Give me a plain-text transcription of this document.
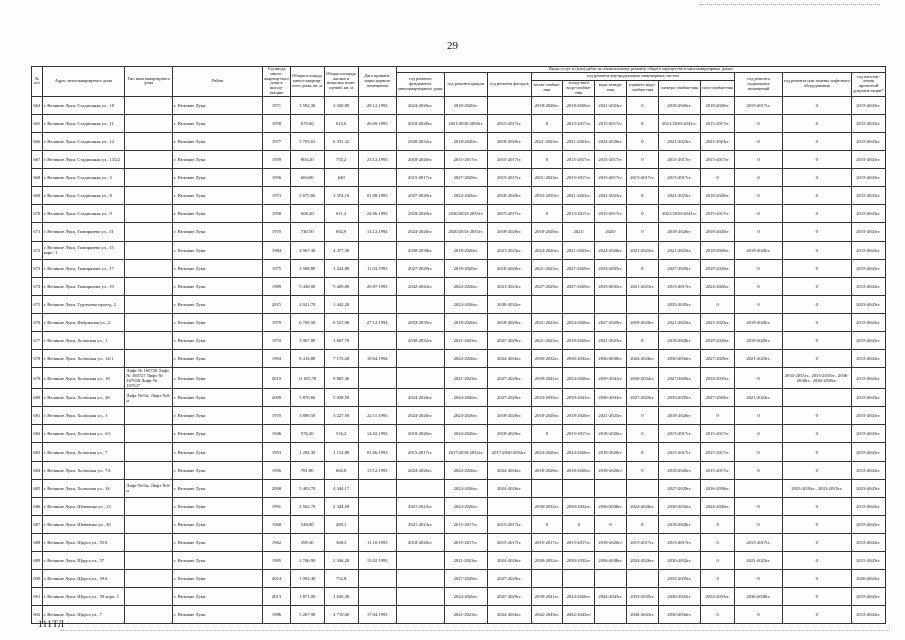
29
№ п/п	Адрес многоквартирного дома	Тип многоквартирного дома	Район	Год ввода много-квартир-ного дома в эксплу-атацию	Общая площадь много-квартир-ного дома, кв. м	Общая площадь жилых и нежилых поме-щений, кв. м	Дата привати-зации первого помещения	Виды услуг и (или) работ по капитальному ремонту общего имущества в многоквартирных домах											
								год ремонта фундамента многоквартирного дома	год ремонта крыши	год ремонта фасадов	год ремонта внутридомовых инженерных систем						год ремонта подвальных помещений	год ремонта или замены лифтового оборудования	год изготов-ления проектной докумен-тации*
											тепло-снабже-ния	холод-ного водо-снабже-ния	водо-отведе-ния	горячего водо-снабже-ния	электро-снабже-ния	газо-снабже-ния			
664	г. Великие Луки, Стадионная ул., 10		г. Великие Луки	1971	3 592,30	3 320,80	28.12.1993	2024-2026гг.	2018-2020гг.		2018-2020гг.	2018-2020гг.	2021-2023гг.	0	2018-2020гг.	2018-2020гг.	2015-2017гг.	0	2015-2043гг.
665	г. Великие Луки, Стадионная ул., 11		г. Великие Луки	1958	670,60	615,6	26.09.1993	2018-2020гг.	2021/2030-2038гг.	2015-2017гг.	0	2015-2017гг.	2015-2017гг.	0	2021/2039-2041гг.	2015-2017гг.	0	0	2015-2043гг.
666	г. Великие Луки, Стадионная ул., 12		г. Великие Луки	1977	5 793,61	6 331,32		2030-2032гг.	2018-2020гг.	2018-2020гг.	2021-2023гг.	2021-2023гг.	2024-2026гг.	0	2021-2023гг.	2021-2023гг.	0	0	2015-2043гг.
667	г. Великие Луки, Стадионная ул., 13/22		г. Великие Луки	1959	804,20	735,2	23.12.1993	2018-2020гг.	2015-2017гг.	2015-2017гг.	0	2015-2017гг.	2015-2017гг.	0	2015-2017гг.	2015-2017гг.	0	0	2015-2043гг.
668	г. Великие Луки, Стадионная ул., 3		г. Великие Луки	1956	684,00	640		2015-2017гг.	2027-2029гг.	2015-2017гг.	2021-2023гг.	2015-2017гг.	2015-2017гг.	2015-2017гг.	2015-2017гг.	0	0	0	2015-2043гг.
669	г. Великие Луки, Стадионная ул., 8		г. Великие Луки	1973	3 675,60	3 374,10	01.08.1993	2027-2029гг.	2024-2026гг.	2018-2020гг.	2033-2035гг.	2021-2023гг.	2021-2023гг.	0	2021-2023гг.	2018-2020гг.	0	0	2015-2043гг.
670	г. Великие Луки, Стадионная ул., 9		г. Великие Луки	1958	668,20	611,2	24.06.1993	2018-2020гг.	2030/2033-2035гг.	2015-2017гг.	0	2015-2017гг.	2015-2017гг.	0	2021/2039-2041гг.	2015-2017гг.	0	0	2015-2043гг.
671	г. Великие Луки, Тимирязева ул., 31		г. Великие Луки	1970	740,50	682,9	14.12.1994	2024-2026гг.	2020/2033-2035гг.	2018-2020гг.	2018-2020гг.	2021/	2020/	0	2018-2020гг.	2018-2020гг.	0	0	2015-2043гг.
672	г. Великие Луки, Тимирязева ул., 15 корп. 1		г. Великие Луки	1984	4 967,30	4 477,30		2030-2038гг.	2018-2020гг.	2021-2023гг.	2024-2026гг.	2021-2023гг.	2024-2026гг.	2021-2023гг.	2021-2023гг.	2018-2020гг.	2018-2020гг.	0	2015-2043гг.
673	г. Великие Луки, Тимирязева ул., 17		г. Великие Луки	1975	3 508,80	3 224,80	11.03.1993	2027-2029гг.	2018-2020гг.	2018-2020гг.	2021-2023гг.	2027-2029гг.	2033-2035гг.	0	2027-2029гг.	2018-2020гг.	0	0	2015-2043гг.
674	г. Великие Луки, Тимирязева ул., 19		г. Великие Луки	1989	5 430,00	5 429,80	20.07.1993	2042-2043гг.	2024-2026гг.	2021-2023гг.	2027-2029гг.	2027-2029гг.	2033-2035гг.	2021-2023гг.	2015-2017гг.	2024-2026гг.	0	0	2015-2043гг.
675	г. Великие Луки, Тургенева проезд, 2		г. Великие Луки	2015	2 021,70	1 442,20			2024-2026гг.	2030-2032гг.					2033-2035гг.	0	0	0	2023-2043гг.
676	г. Великие Луки, Фабричная ул., 2		г. Великие Луки	1979	6 769,50	6 521,90	27.12.1994	2033-2035гг.	2018-2020гг.	2018-2020гг.	2021-2023гг.	2024-2026гг.	2027-2029гг.	2018-2020гг.	2021-2023гг.	2021-2023гг.	2018-2020гг.	0	2015-2043гг.
677	г. Великие Луки, Холмская ул., 1		г. Великие Луки	1970	3 967,80	3 667,70		2030-2032гг.	2021-2023гг.	2027-2029гг.	2021-2023гг.	2018-2020гг.	2021-2023гг.	0	2018-2020гг.	2018-2020гг.	2018-2020гг.	0	2015-2043гг.
678	г. Великие Луки, Холмская ул., 14/1		г. Великие Луки	1994	8 414,80	7 175,20	10.04.1994		2024-2026гг.	2024-2026гг.	2030-2032гг.	2030-2032гг.	2036-2038гг.	2024-2026гг.	2030-2032гг.	2027-2029гг.	2021-2023гг.	0	2015-2043гг.
679	г. Великие Луки, Холмская ул., 18	Лифт № 160726 Лифт № 160727 Лифт № 167638 Лифт № 167637	г. Великие Луки	2010	11 025,78	9 805,40			2021-2023гг.	2027-2029гг.	2039-2041гг.	2024-2026гг.	2039-2041гг.	2030-2032гг.	2027-2029гг.	2033-2035гг.	0	2033-2035гг., 2033-2035гг., 2036-2038гг., 2036-2038гг.	2015-2043гг.
680	г. Великие Луки, Холмская ул., 20	Лифт №б/н, Лифт №б/н	г. Великие Луки	2009	5 870,60	5 038,50		2024-2026гг.	2024-2026гг.	2027-2029гг.	2033-2035гг.	2039-2041гг.	2039-2041гг.	2027-2029гг.	2033-2035гг.	2027-2029гг.	2021-2023гг.		2015-2043гг.
681	г. Великие Луки, Холмская ул., 3		г. Великие Луки	1970	3 889,50	3 227,50	22.11.1993	2024-2026гг.	2024-2026гг.	2018-2020гг.	2018-2020гг.	2018-2020гг.	2021-2023гг.	0	2018-2020гг.	0	0	0	2015-2043гг.
682	г. Великие Луки, Холмская ул., 6/1		г. Великие Луки	1946	576,20	516,2	14.02.1993	2018-2020гг.	2024-2026гг.	2018-2020гг.	0	2015-2017гг.	2018-2020гг.	0	2015-2017гг.	2015-2017гг.	0	0	2015-2043гг.
683	г. Великие Луки, Холмская ул., 7		г. Великие Луки	1953	1 284,30	1 154,80	01.06.1993	2015-2017гг.	2017/2030-2032гг.	2017/2030-2032гг.	2024-2026гг.	2024-2026гг.	2018-2020гг.	0	2015-2017гг.	2015-2017гг.	0	0	2015-2043гг.
684	г. Великие Луки, Холмская ул., 7А		г. Великие Луки	1956	781,80	682,8	13.12.1993	2024-2026гг.	2024-2026гг.	2024-2026гг.	2018-2020гг.	2018-2020гг.	2018-2020гг.	0	2018-2020гг.	2015-2017гг.	0	0	2015-2043гг.
685	г. Великие Луки, Холмская ул., 34	Лифт №б/н, Лифт №б/н	г. Великие Луки	2008	5 403,70	4 344,17			2024-2026гг.	2024-2026гг.					2027-2029гг.	2016-2038гг.		2033-2035гг., 2033-2035гг.	2023-2043гг.
686	г. Великие Луки, Шевченко ул., 13		г. Великие Луки	1991	2 562,70	2 324,50		2021-2023гг.	2024-2026гг.		2030-2032гг.	2030-2032гг.	2036-2038гг.	2024-2026гг.	2030-2032гг.	2024-2026гг.	0	0	2015-2043гг.
687	г. Великие Луки, Шевченко ул., 30		г. Великие Луки	1968	548,00	499,1		2021-2023гг.	2015-2017гг.	2015-2017гг.	0	0	0	0	2018-2020гг.	0	0	0	2015-2043гг.
688	г. Великие Луки, Щорса ул., 55А		г. Великие Луки	1962	390,30	368,3	11.10.1993	2018-2020гг.	2015-2017гг.	2015-2017гг.	2015-2017гг.	2015-2017гг.	2018-2020гг.	2015-2017гг.	2015-2017гг.	0	2015-2017гг.	0	2015-2043гг.
689	г. Великие Луки, Щорса ул., 57		г. Великие Луки	1995	2 706,90	2 346,20	13.02.1993		2021-2023гг.	2024-2026гг.	2030-2032гг.	2030-2032гг.	2036-2038гг.	2024-2026гг.	2030-2032гг.	0	2021-2023гг.	0	2015-2043гг.
690	г. Великие Луки, Щорса ул., 59А		г. Великие Луки	2014	1 092,40	752,8			2027-2029гг.	2027-2029гг.					2033-2035гг.	0	0	0	2026-2043гг.
691	г. Великие Луки, Щорса ул., 59 корп. 1		г. Великие Луки	2013	1 871,00	1 626,30			2024-2026гг.	2027-2029гг.	2039-2041гг.	2024-2026гг.	2042-2043гг.	2033-2035гг.	2030-2032гг.	2033-2035гг.	2036-2038гг.	0	2015-2043гг.
692	г. Великие Луки, Щорса ул., 7		г. Великие Луки	1996	5 267,90	4 719,60	17.04.1993		2021-2023гг.	2024-2026гг.	2042-2043гг.	2042-2043гг.		2042-2043гг.	2030-2032гг.	0	0	0	2015-2043гг.
111ТЛ
